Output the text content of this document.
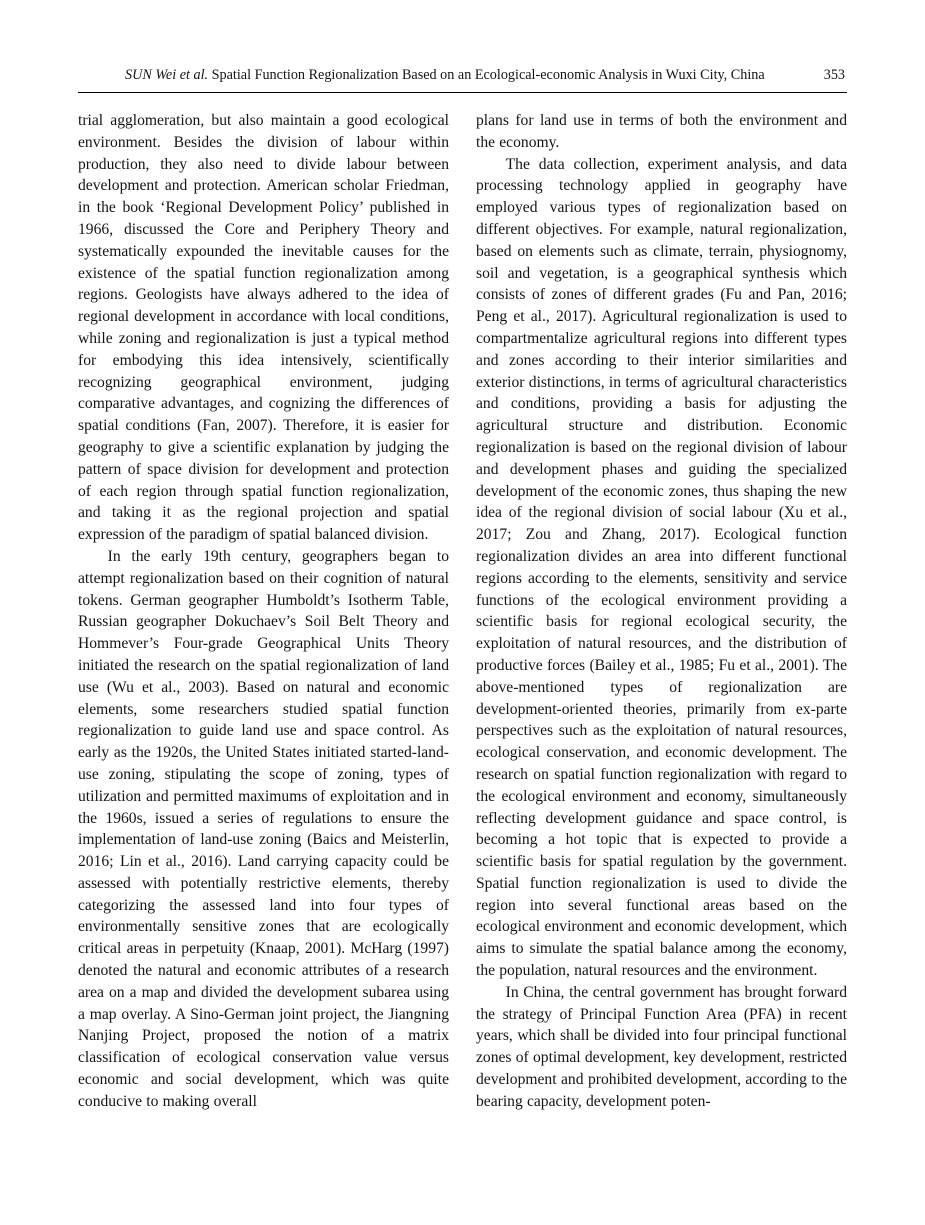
SUN Wei et al. Spatial Function Regionalization Based on an Ecological-economic Analysis in Wuxi City, China	353

trial agglomeration, but also maintain a good ecological environment. Besides the division of labour within production, they also need to divide labour between development and protection. American scholar Friedman, in the book ‘Regional Development Policy’ published in 1966, discussed the Core and Periphery Theory and systematically expounded the inevitable causes for the existence of the spatial function regionalization among regions. Geologists have always adhered to the idea of regional development in accordance with local conditions, while zoning and regionalization is just a typical method for embodying this idea intensively, scientifically recognizing geographical environment, judging comparative advantages, and cognizing the differences of spatial conditions (Fan, 2007). Therefore, it is easier for geography to give a scientific explanation by judging the pattern of space division for development and protection of each region through spatial function regionalization, and taking it as the regional projection and spatial expression of the paradigm of spatial balanced division.

In the early 19th century, geographers began to attempt regionalization based on their cognition of natural tokens. German geographer Humboldt’s Isotherm Table, Russian geographer Dokuchaev’s Soil Belt Theory and Hommever’s Four-grade Geographical Units Theory initiated the research on the spatial regionalization of land use (Wu et al., 2003). Based on natural and economic elements, some researchers studied spatial function regionalization to guide land use and space control. As early as the 1920s, the United States initiated started-land-use zoning, stipulating the scope of zoning, types of utilization and permitted maximums of exploitation and in the 1960s, issued a series of regulations to ensure the implementation of land-use zoning (Baics and Meisterlin, 2016; Lin et al., 2016). Land carrying capacity could be assessed with potentially restrictive elements, thereby categorizing the assessed land into four types of environmentally sensitive zones that are ecologically critical areas in perpetuity (Knaap, 2001). McHarg (1997) denoted the natural and economic attributes of a research area on a map and divided the development subarea using a map overlay. A Sino-German joint project, the Jiangning Nanjing Project, proposed the notion of a matrix classification of ecological conservation value versus economic and social development, which was quite conducive to making overall

plans for land use in terms of both the environment and the economy.

The data collection, experiment analysis, and data processing technology applied in geography have employed various types of regionalization based on different objectives. For example, natural regionalization, based on elements such as climate, terrain, physiognomy, soil and vegetation, is a geographical synthesis which consists of zones of different grades (Fu and Pan, 2016; Peng et al., 2017). Agricultural regionalization is used to compartmentalize agricultural regions into different types and zones according to their interior similarities and exterior distinctions, in terms of agricultural characteristics and conditions, providing a basis for adjusting the agricultural structure and distribution. Economic regionalization is based on the regional division of labour and development phases and guiding the specialized development of the economic zones, thus shaping the new idea of the regional division of social labour (Xu et al., 2017; Zou and Zhang, 2017). Ecological function regionalization divides an area into different functional regions according to the elements, sensitivity and service functions of the ecological environment providing a scientific basis for regional ecological security, the exploitation of natural resources, and the distribution of productive forces (Bailey et al., 1985; Fu et al., 2001). The above-mentioned types of regionalization are development-oriented theories, primarily from ex-parte perspectives such as the exploitation of natural resources, ecological conservation, and economic development. The research on spatial function regionalization with regard to the ecological environment and economy, simultaneously reflecting development guidance and space control, is becoming a hot topic that is expected to provide a scientific basis for spatial regulation by the government. Spatial function regionalization is used to divide the region into several functional areas based on the ecological environment and economic development, which aims to simulate the spatial balance among the economy, the population, natural resources and the environment.

In China, the central government has brought forward the strategy of Principal Function Area (PFA) in recent years, which shall be divided into four principal functional zones of optimal development, key development, restricted development and prohibited development, according to the bearing capacity, development poten-
